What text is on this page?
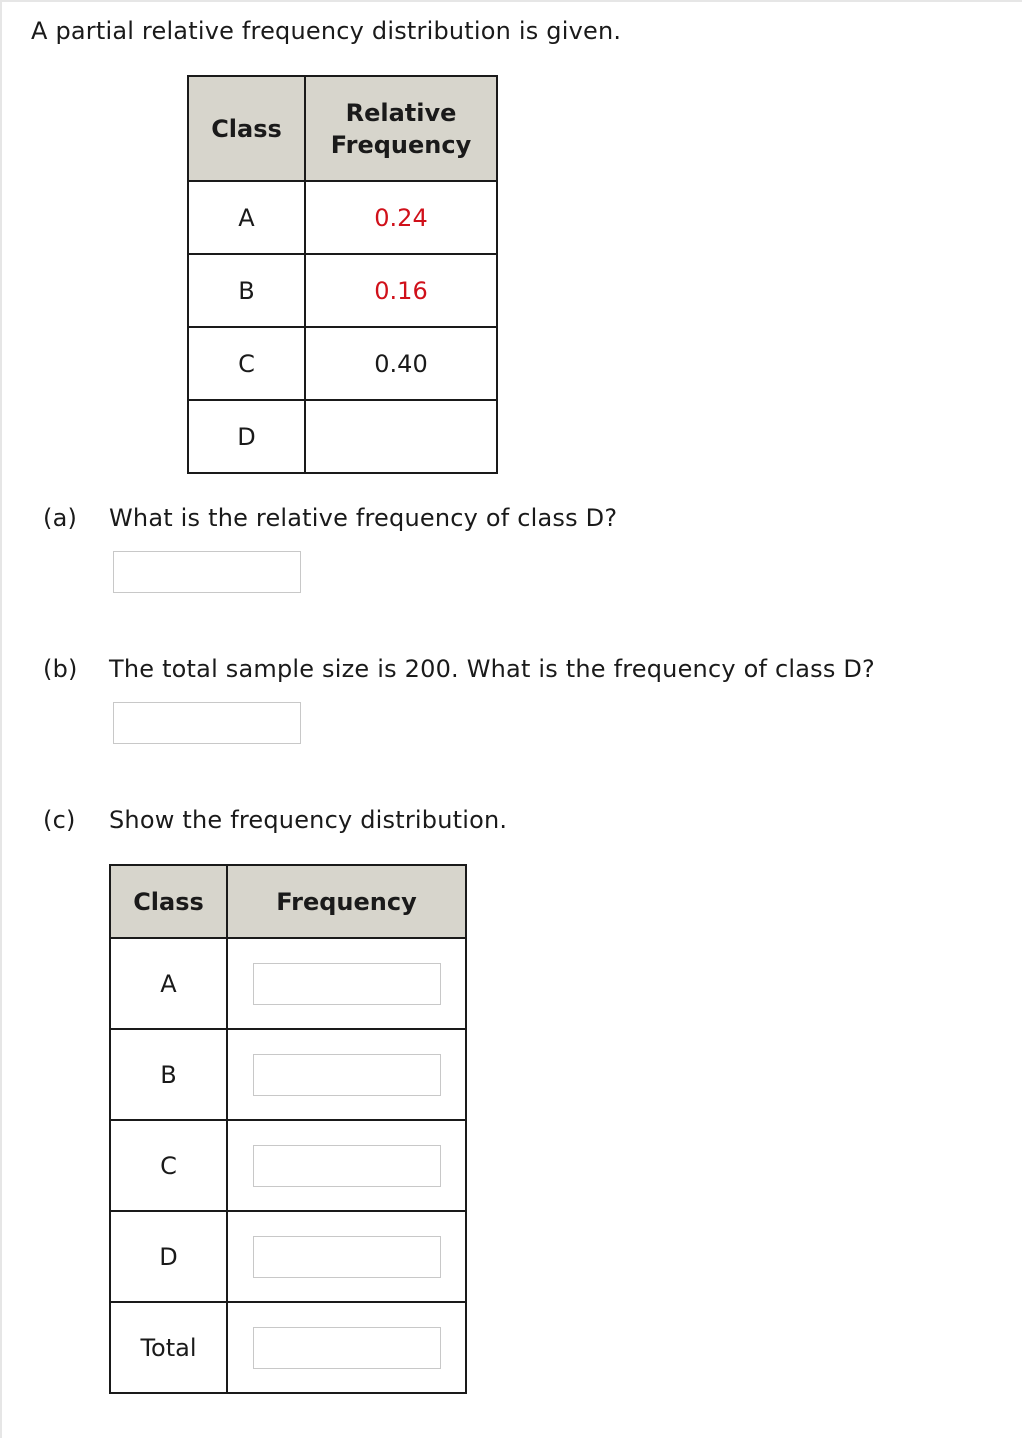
A partial relative frequency distribution is given.
Class	Relative Frequency
A	0.24
B	0.16
C	0.40
D	
(a) What is the relative frequency of class D?
(b) The total sample size is 200. What is the frequency of class D?
(c) Show the frequency distribution.
Class	Frequency
A	

B	

C	

D	

Total	
